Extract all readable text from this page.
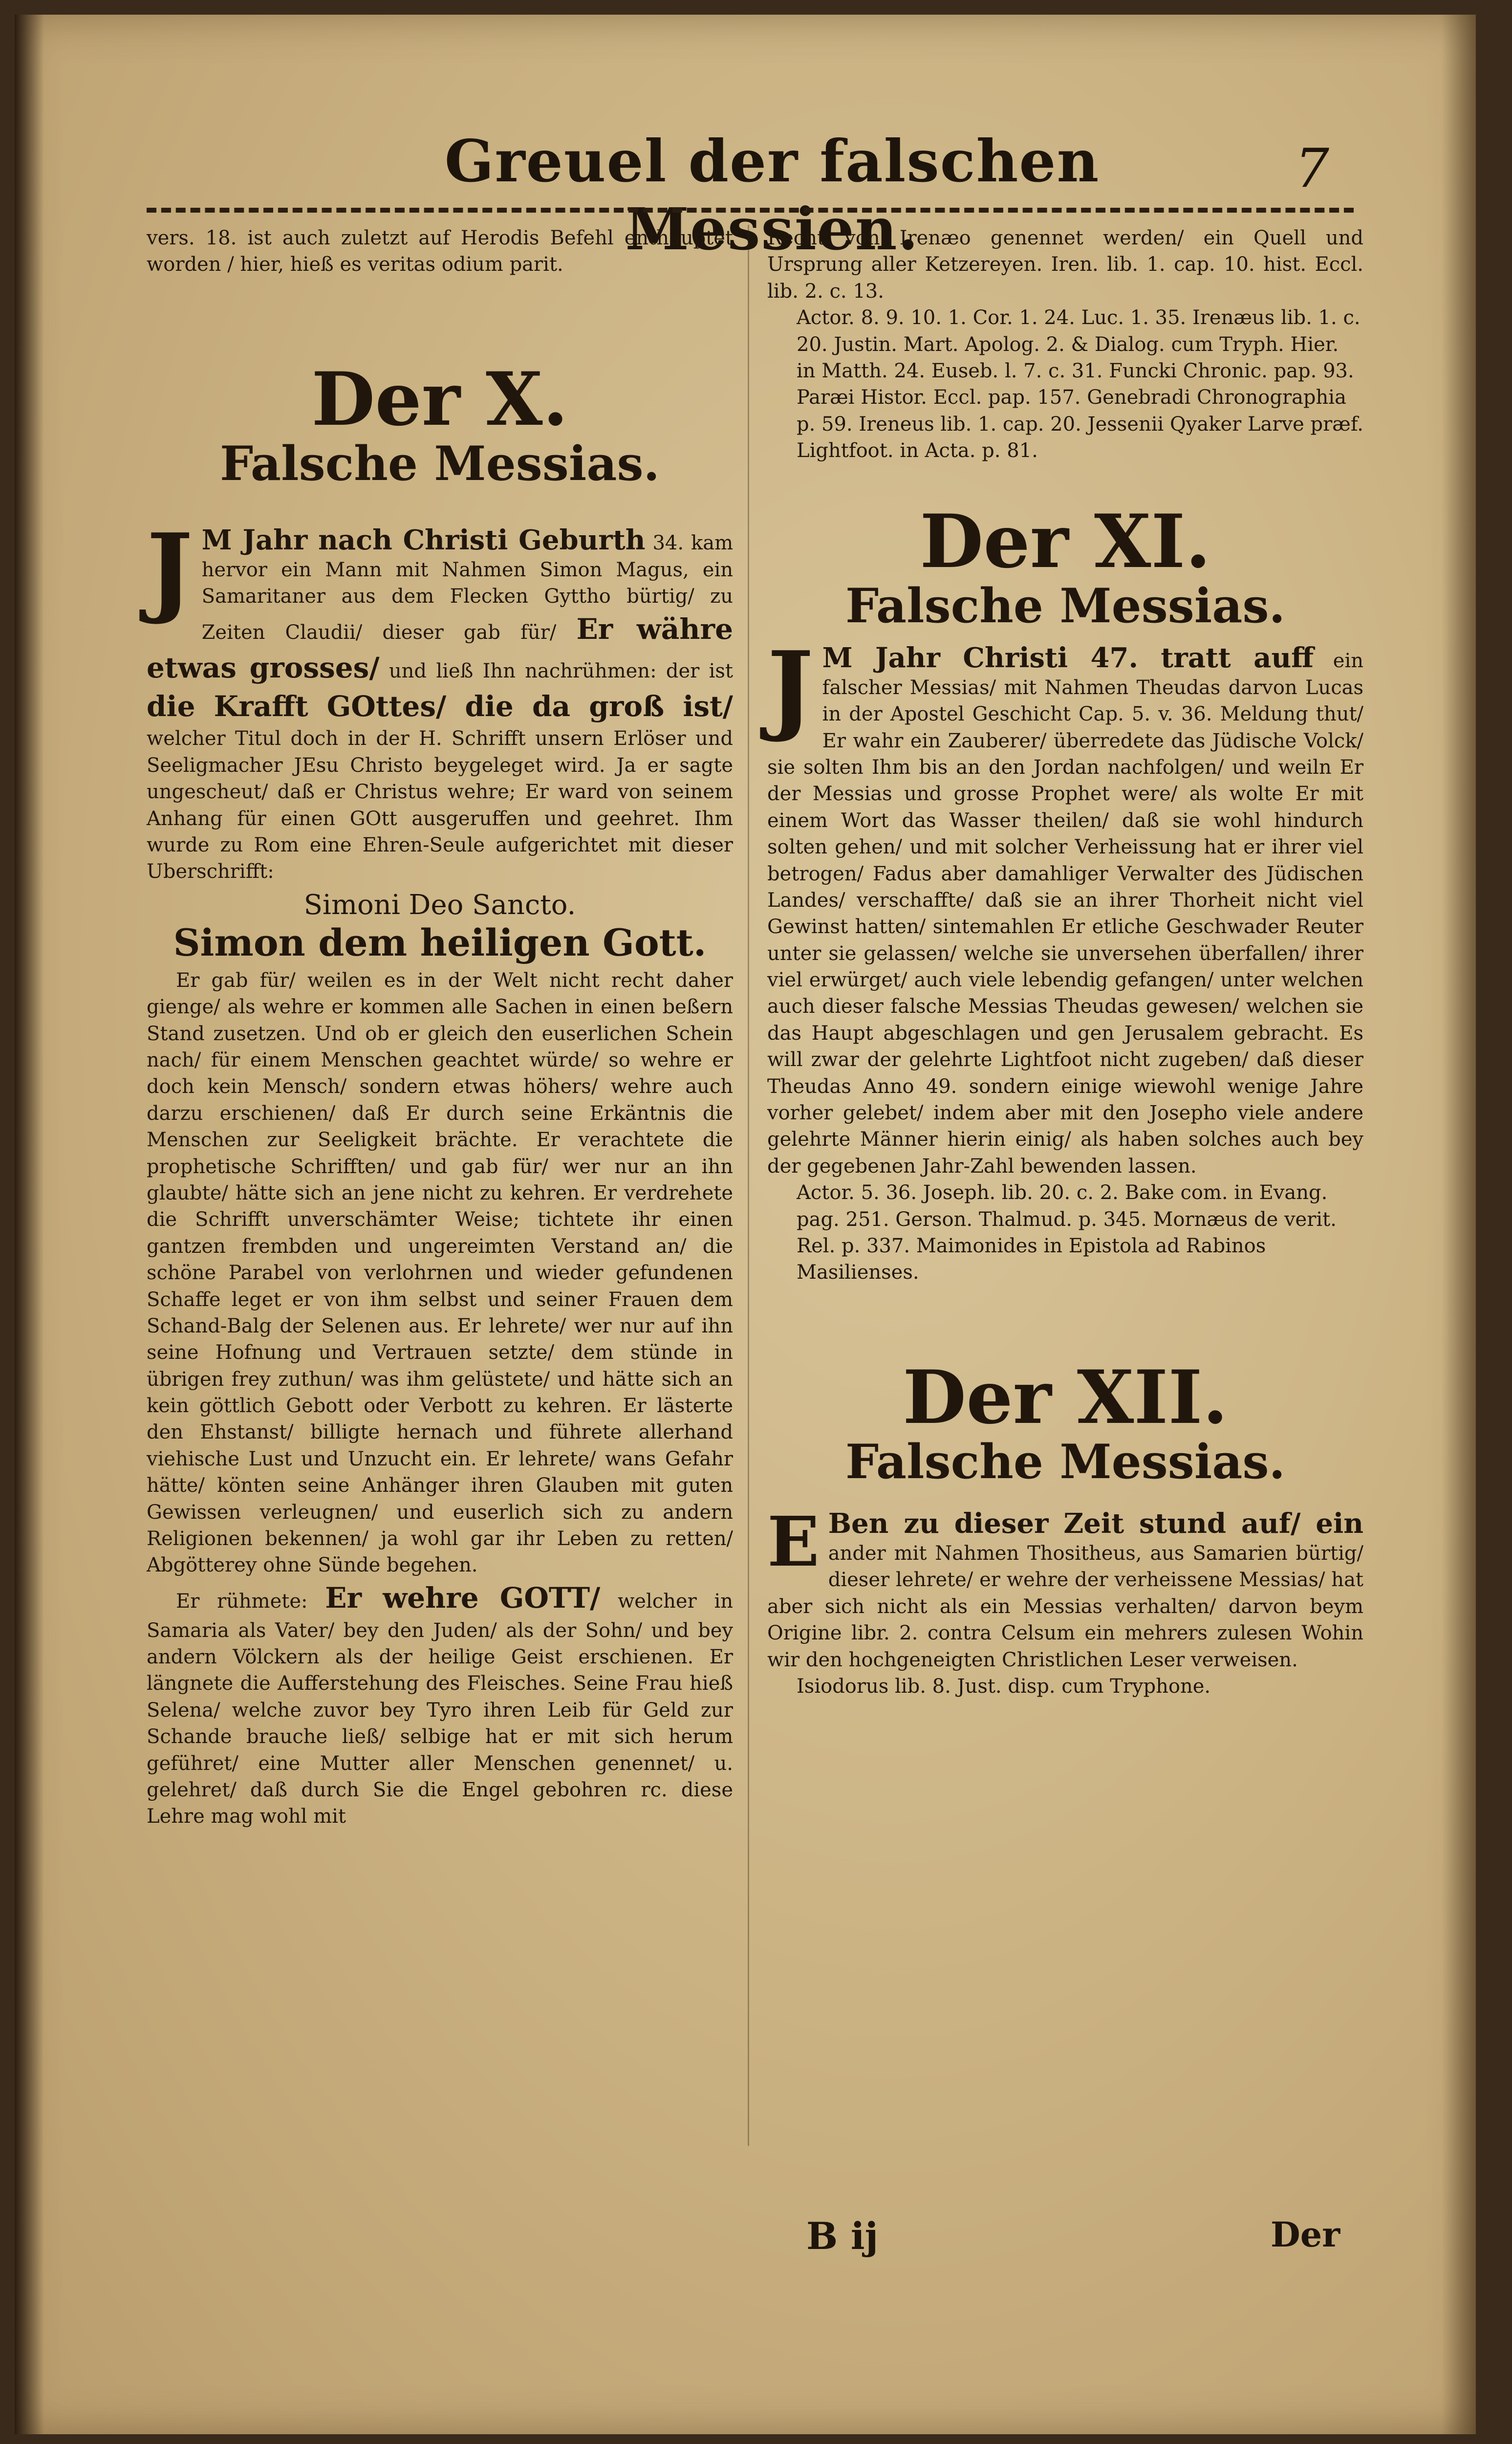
Greuel der falschen Messien.
7

vers. 18. ist auch zuletzt auf Herodis Befehl enthauptet worden / hier, hieß es veritas odium parit.

Der X.

Falsche Messias.

J M Jahr nach Christi Geburth 34. kam hervor ein Mann mit Nahmen Simon Magus, ein Samaritaner aus dem Flecken Gyttho bürtig/ zu Zeiten Claudii/ dieser gab für/ Er währe etwas grosses/ und ließ Ihn nachrühmen: der ist die Krafft GOttes/ die da groß ist/ welcher Titul doch in der H. Schrifft unsern Erlöser und Seeligmacher JEsu Christo beygeleget wird. Ja er sagte ungescheut/ daß er Christus wehre; Er ward von seinem Anhang für einen GOtt ausgeruffen und geehret. Ihm wurde zu Rom eine Ehren-Seule aufgerichtet mit dieser Uberschrifft:

Simoni Deo Sancto.

Simon dem heiligen Gott.

Er gab für/ weilen es in der Welt nicht recht daher gienge/ als wehre er kommen alle Sachen in einen beßern Stand zusetzen. Und ob er gleich den euserlichen Schein nach/ für einem Menschen geachtet würde/ so wehre er doch kein Mensch/ sondern etwas höhers/ wehre auch darzu erschienen/ daß Er durch seine Erkäntnis die Menschen zur Seeligkeit brächte. Er verachtete die prophetische Schrifften/ und gab für/ wer nur an ihn glaubte/ hätte sich an jene nicht zu kehren. Er verdrehete die Schrifft unverschämter Weise; tichtete ihr einen gantzen frembden und ungereimten Verstand an/ die schöne Parabel von verlohrnen und wieder gefundenen Schaffe leget er von ihm selbst und seiner Frauen dem Schand-Balg der Selenen aus. Er lehrete/ wer nur auf ihn seine Hofnung und Vertrauen setzte/ dem stünde in übrigen frey zuthun/ was ihm gelüstete/ und hätte sich an kein göttlich Gebott oder Verbott zu kehren. Er lästerte den Ehstanst/ billigte hernach und führete allerhand viehische Lust und Unzucht ein. Er lehrete/ wans Gefahr hätte/ könten seine Anhänger ihren Glauben mit guten Gewissen verleugnen/ und euserlich sich zu andern Religionen bekennen/ ja wohl gar ihr Leben zu retten/ Abgötterey ohne Sünde begehen.

Er rühmete: Er wehre GOTT/ welcher in Samaria als Vater/ bey den Juden/ als der Sohn/ und bey andern Völckern als der heilige Geist erschienen. Er längnete die Aufferstehung des Fleisches. Seine Frau hieß Selena/ welche zuvor bey Tyro ihren Leib für Geld zur Schande brauche ließ/ selbige hat er mit sich herum geführet/ eine Mutter aller Menschen genennet/ u. gelehret/ daß durch Sie die Engel gebohren rc. diese Lehre mag wohl mit

Recht von Irenæo genennet werden/ ein Quell und Ursprung aller Ketzereyen. Iren. lib. 1. cap. 10. hist. Eccl. lib. 2. c. 13.

Actor. 8. 9. 10. 1. Cor. 1. 24. Luc. 1. 35. Irenæus lib. 1. c. 20. Justin. Mart. Apolog. 2. & Dialog. cum Tryph. Hier. in Matth. 24. Euseb. l. 7. c. 31. Funcki Chronic. pap. 93. Paræi Histor. Eccl. pap. 157. Genebradi Chronographia p. 59. Ireneus lib. 1. cap. 20. Jessenii Qyaker Larve præf. Lightfoot. in Acta. p. 81.

Der XI.

Falsche Messias.

J M Jahr Christi 47. tratt auff ein falscher Messias/ mit Nahmen Theudas darvon Lucas in der Apostel Geschicht Cap. 5. v. 36. Meldung thut/ Er wahr ein Zauberer/ überredete das Jüdische Volck/ sie solten Ihm bis an den Jordan nachfolgen/ und weiln Er der Messias und grosse Prophet were/ als wolte Er mit einem Wort das Wasser theilen/ daß sie wohl hindurch solten gehen/ und mit solcher Verheissung hat er ihrer viel betrogen/ Fadus aber damahliger Verwalter des Jüdischen Landes/ verschaffte/ daß sie an ihrer Thorheit nicht viel Gewinst hatten/ sintemahlen Er etliche Geschwader Reuter unter sie gelassen/ welche sie unversehen überfallen/ ihrer viel erwürget/ auch viele lebendig gefangen/ unter welchen auch dieser falsche Messias Theudas gewesen/ welchen sie das Haupt abgeschlagen und gen Jerusalem gebracht. Es will zwar der gelehrte Lightfoot nicht zugeben/ daß dieser Theudas Anno 49. sondern einige wiewohl wenige Jahre vorher gelebet/ indem aber mit den Josepho viele andere gelehrte Männer hierin einig/ als haben solches auch bey der gegebenen Jahr-Zahl bewenden lassen.

Actor. 5. 36. Joseph. lib. 20. c. 2. Bake com. in Evang. pag. 251. Gerson. Thalmud. p. 345. Mornæus de verit. Rel. p. 337. Maimonides in Epistola ad Rabinos Masilienses.

Der XII.

Falsche Messias.

E Ben zu dieser Zeit stund auf/ ein ander mit Nahmen Thositheus, aus Samarien bürtig/ dieser lehrete/ er wehre der verheissene Messias/ hat aber sich nicht als ein Messias verhalten/ darvon beym Origine libr. 2. contra Celsum ein mehrers zulesen Wohin wir den hochgeneigten Christlichen Leser verweisen.

Isiodorus lib. 8. Just. disp. cum Tryphone.

B ij	Der
